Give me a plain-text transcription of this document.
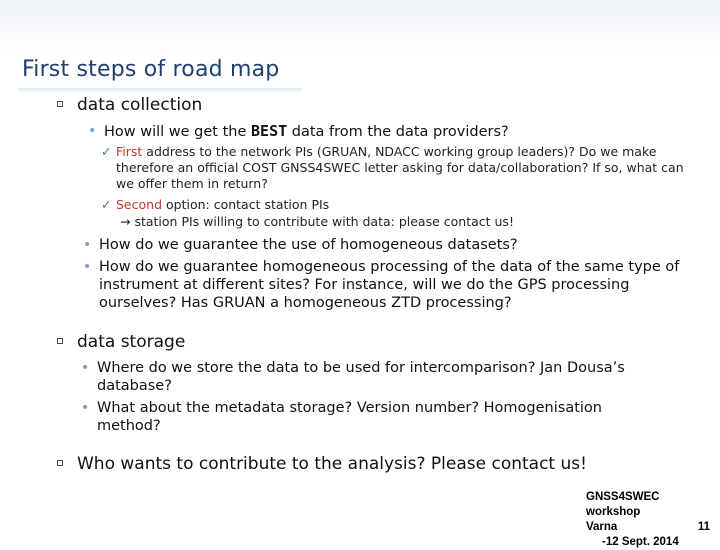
First steps of road map
data collection
• How will we get the BEST data from the data providers?
✓ First address to the network PIs (GRUAN, NDACC working group leaders)? Do we make therefore an official COST GNSS4SWEC letter asking for data/collaboration? If so, what can we offer them in return?
✓ Second option: contact station PIs
→ station PIs willing to contribute with data: please contact us!
• How do we guarantee the use of homogeneous datasets?
• How do we guarantee homogeneous processing of the data of the same type of instrument at different sites? For instance, will we do the GPS processing ourselves? Has GRUAN a homogeneous ZTD processing?
data storage
• Where do we store the data to be used for intercomparison? Jan Dousa’s database?
• What about the metadata storage? Version number? Homogenisation method?
Who wants to contribute to the analysis? Please contact us!
GNSS4SWEC workshop
Varna	11
-12 Sept. 2014
